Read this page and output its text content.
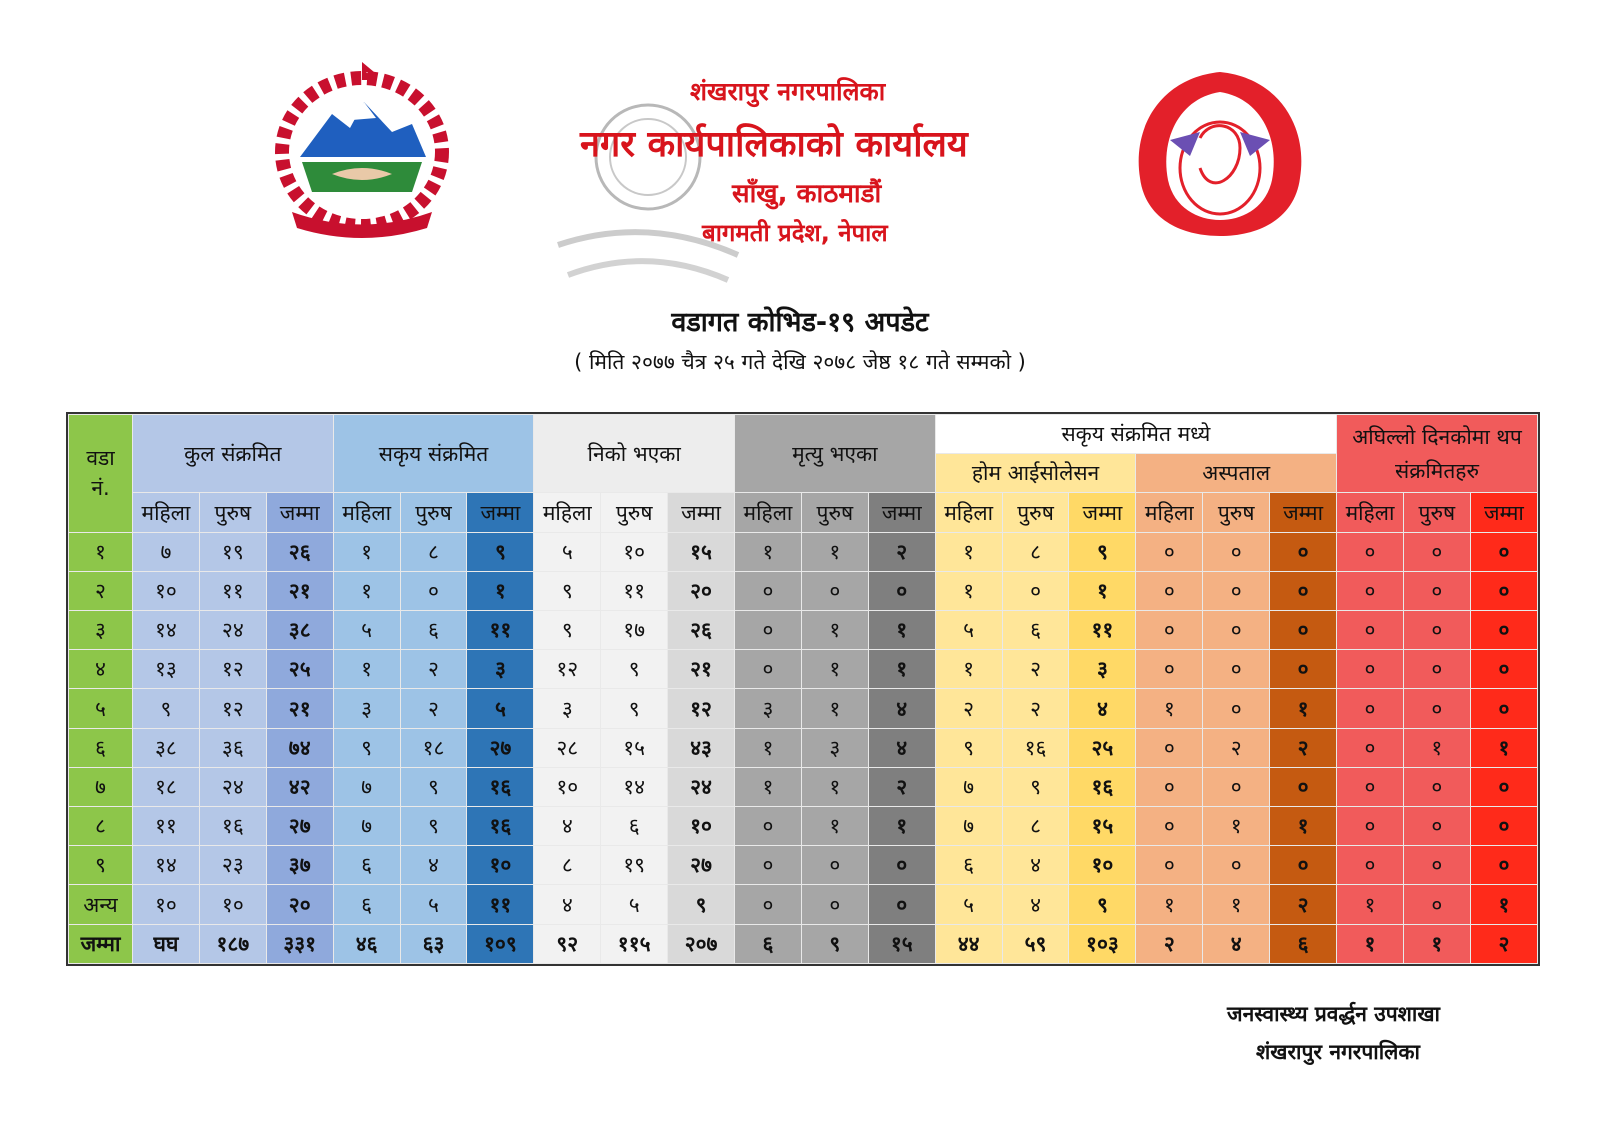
शंखरापुर नगरपालिका
नगर कार्यपालिकाको कार्यालय
साँखु, काठमाडौं
बागमती प्रदेश, नेपाल
वडागत कोभिड-१९ अपडेट
( मिति २०७७ चैत्र २५ गते देखि २०७८ जेष्ठ १८ गते सम्मको )
वडा
नं.	कुल संक्रमित			सकृय संक्रमित			निको भएका			मृत्यु भएका			सकृय संक्रमित मध्ये						अघिल्लो दिनकोमा थप संक्रमितहरु		
													होम आईसोलेसन			अस्पताल					
	महिला	पुरुष	जम्मा	महिला	पुरुष	जम्मा	महिला	पुरुष	जम्मा	महिला	पुरुष	जम्मा	महिला	पुरुष	जम्मा	महिला	पुरुष	जम्मा	महिला	पुरुष	जम्मा
१	७	१९	२६	१	८	९	५	१०	१५	१	१	२	१	८	९	०	०	०	०	०	०
२	१०	११	२१	१	०	१	९	११	२०	०	०	०	१	०	१	०	०	०	०	०	०
३	१४	२४	३८	५	६	११	९	१७	२६	०	१	१	५	६	११	०	०	०	०	०	०
४	१३	१२	२५	१	२	३	१२	९	२१	०	१	१	१	२	३	०	०	०	०	०	०
५	९	१२	२१	३	२	५	३	९	१२	३	१	४	२	२	४	१	०	१	०	०	०
६	३८	३६	७४	९	१८	२७	२८	१५	४३	१	३	४	९	१६	२५	०	२	२	०	१	१
७	१८	२४	४२	७	९	१६	१०	१४	२४	१	१	२	७	९	१६	०	०	०	०	०	०
८	११	१६	२७	७	९	१६	४	६	१०	०	१	१	७	८	१५	०	१	१	०	०	०
९	१४	२३	३७	६	४	१०	८	१९	२७	०	०	०	६	४	१०	०	०	०	०	०	०
अन्य	१०	१०	२०	६	५	११	४	५	९	०	०	०	५	४	९	१	१	२	१	०	१
जम्मा	घघ	१८७	३३१	४६	६३	१०९	९२	११५	२०७	६	९	१५	४४	५९	१०३	२	४	६	१	१	२
जनस्वास्थ्य प्रवर्द्धन उपशाखा
शंखरापुर नगरपालिका
